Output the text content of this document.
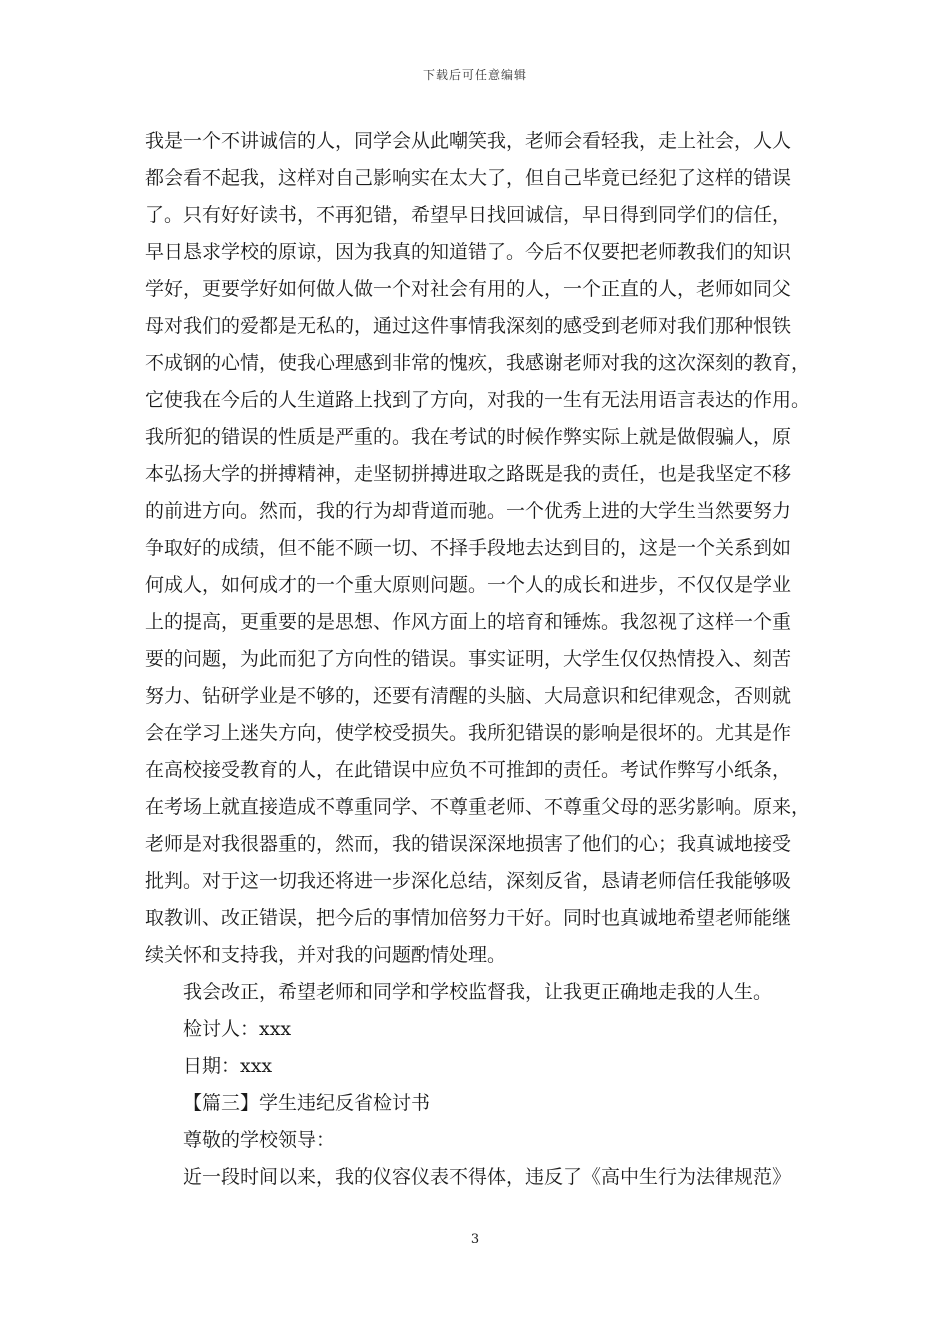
下载后可任意编辑
我是一个不讲诚信的人，同学会从此嘲笑我，老师会看轻我，走上社会，人人
都会看不起我，这样对自己影响实在太大了，但自己毕竟已经犯了这样的错误
了。只有好好读书，不再犯错，希望早日找回诚信，早日得到同学们的信任，
早日恳求学校的原谅，因为我真的知道错了。今后不仅要把老师教我们的知识
学好，更要学好如何做人做一个对社会有用的人，一个正直的人，老师如同父
母对我们的爱都是无私的，通过这件事情我深刻的感受到老师对我们那种恨铁
不成钢的心情，使我心理感到非常的愧疚，我感谢老师对我的这次深刻的教育，
它使我在今后的人生道路上找到了方向，对我的一生有无法用语言表达的作用。
我所犯的错误的性质是严重的。我在考试的时候作弊实际上就是做假骗人，原
本弘扬大学的拼搏精神，走坚韧拼搏进取之路既是我的责任，也是我坚定不移
的前进方向。然而，我的行为却背道而驰。一个优秀上进的大学生当然要努力
争取好的成绩，但不能不顾一切、不择手段地去达到目的，这是一个关系到如
何成人，如何成才的一个重大原则问题。一个人的成长和进步，不仅仅是学业
上的提高，更重要的是思想、作风方面上的培育和锤炼。我忽视了这样一个重
要的问题，为此而犯了方向性的错误。事实证明，大学生仅仅热情投入、刻苦
努力、钻研学业是不够的，还要有清醒的头脑、大局意识和纪律观念，否则就
会在学习上迷失方向，使学校受损失。我所犯错误的影响是很坏的。尤其是作
在高校接受教育的人，在此错误中应负不可推卸的责任。考试作弊写小纸条，
在考场上就直接造成不尊重同学、不尊重老师、不尊重父母的恶劣影响。原来，
老师是对我很器重的，然而，我的错误深深地损害了他们的心；我真诚地接受
批判。对于这一切我还将进一步深化总结，深刻反省，恳请老师信任我能够吸
取教训、改正错误，把今后的事情加倍努力干好。同时也真诚地希望老师能继
续关怀和支持我，并对我的问题酌情处理。
我会改正，希望老师和同学和学校监督我，让我更正确地走我的人生。
检讨人：xxx
日期：xxx
【篇三】学生违纪反省检讨书
尊敬的学校领导：
近一段时间以来，我的仪容仪表不得体，违反了《高中生行为法律规范》
3
